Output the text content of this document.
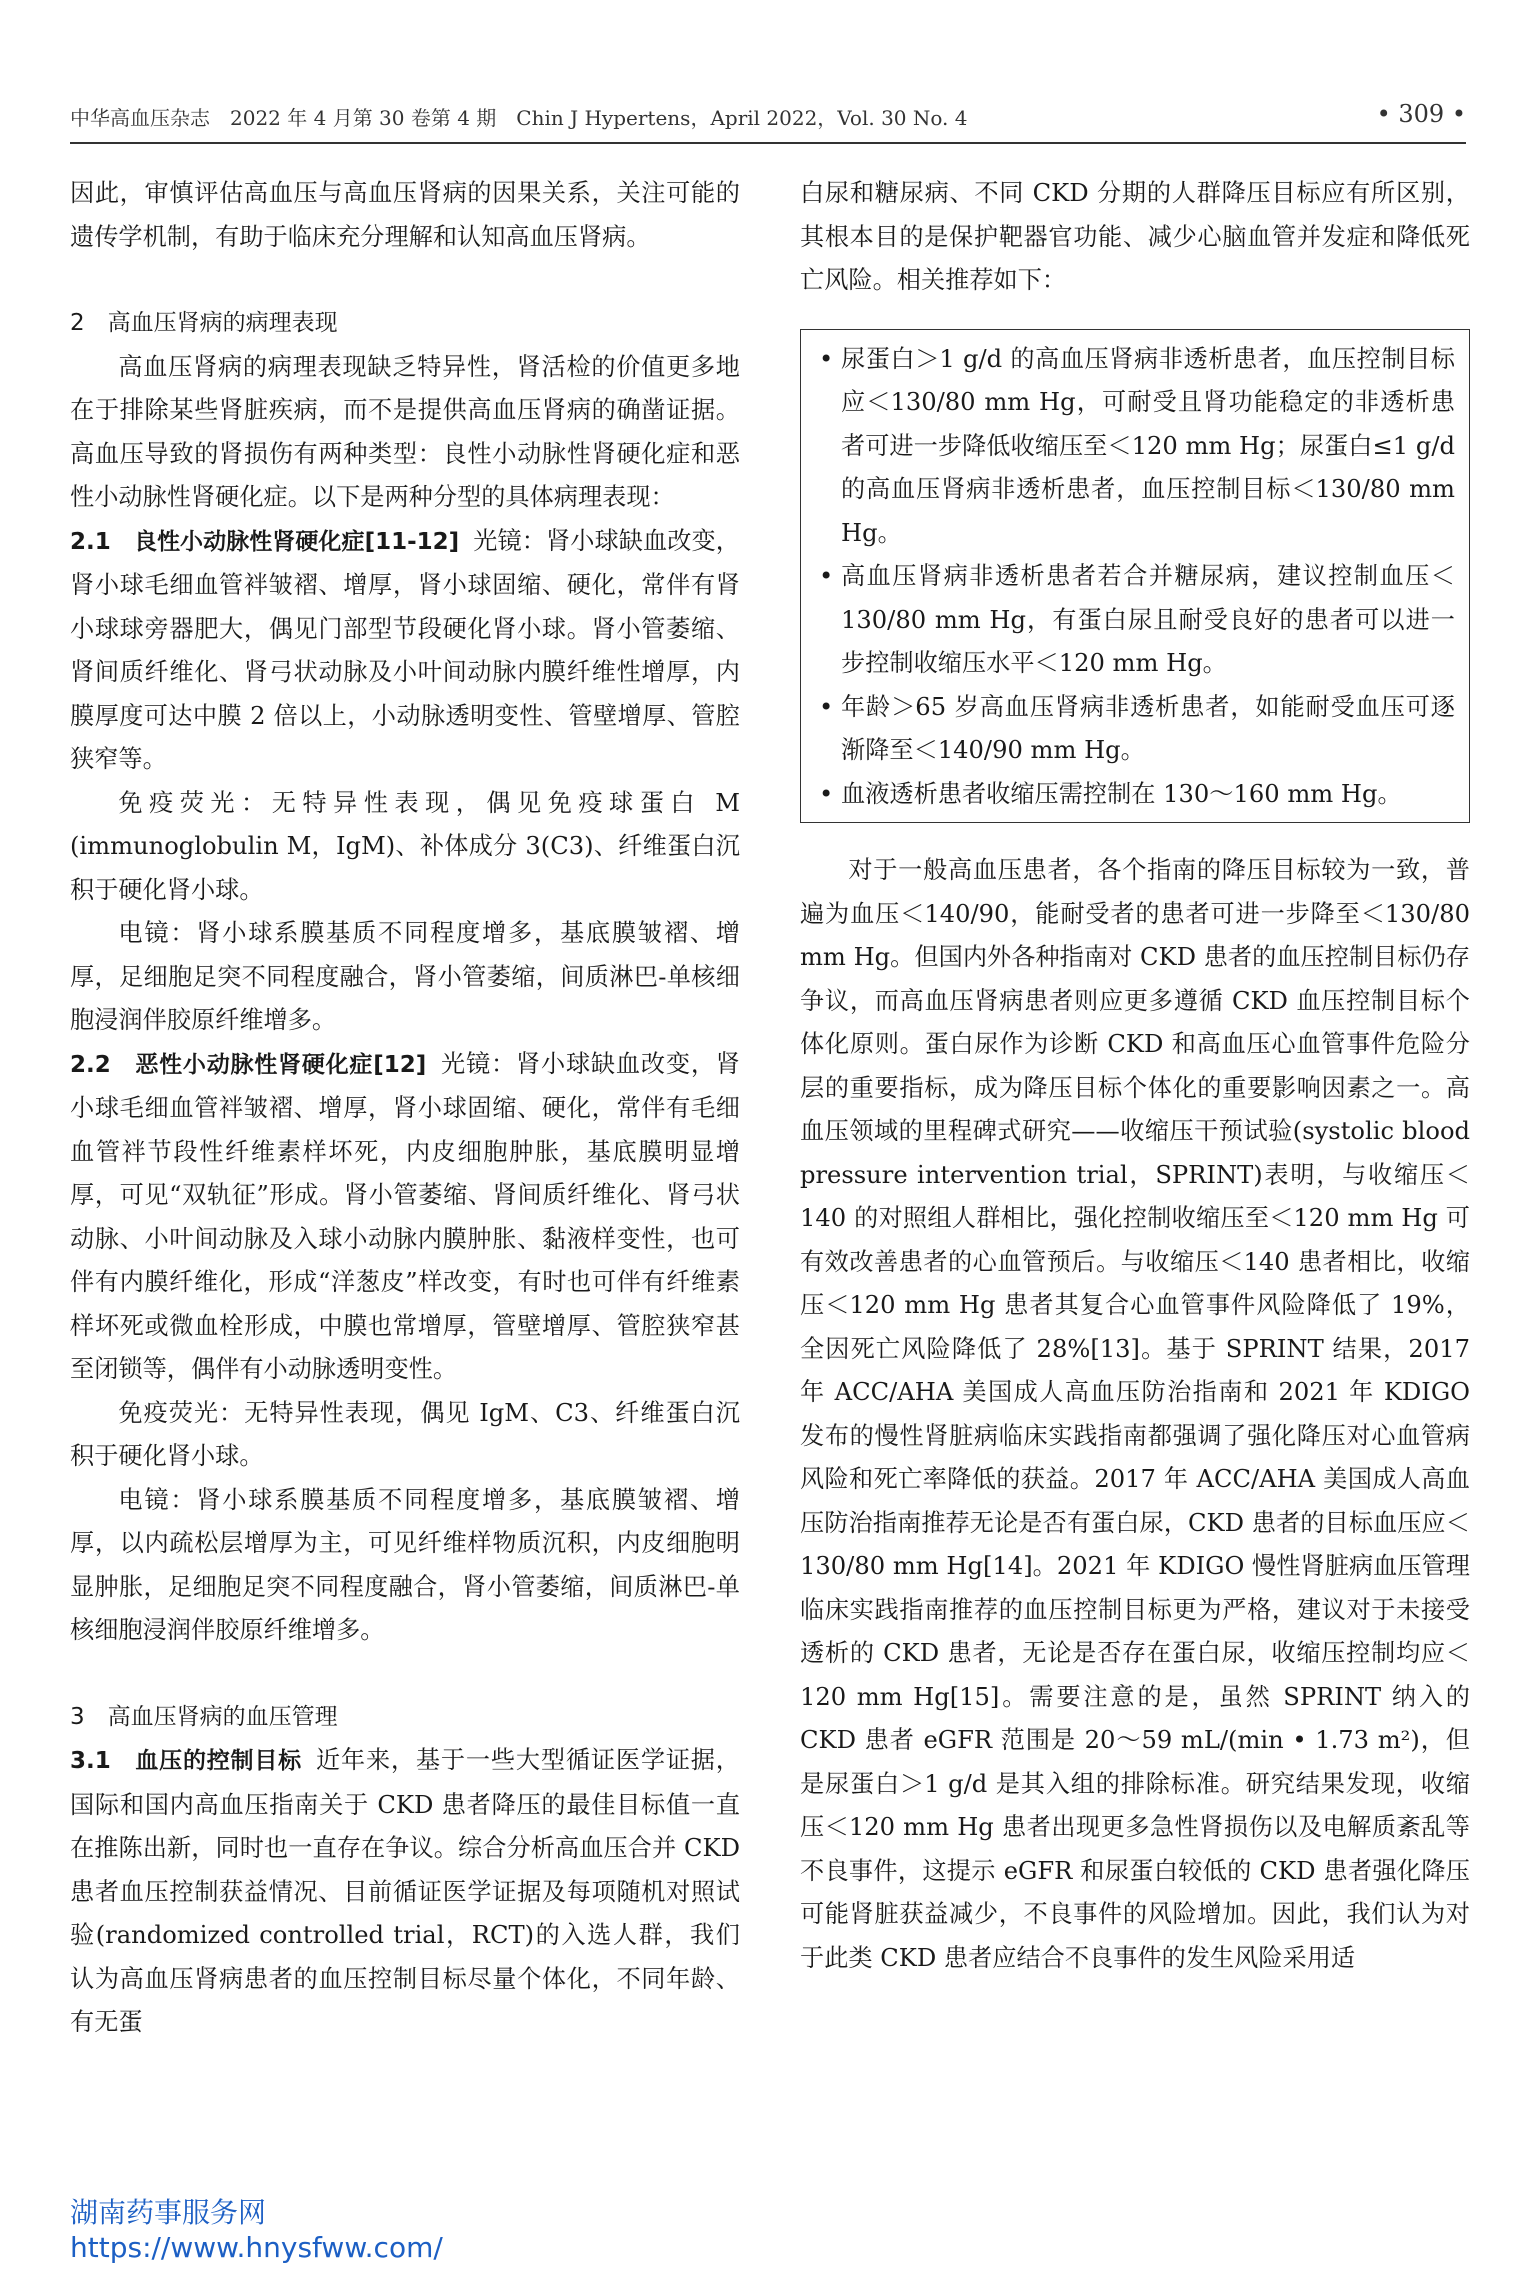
中华高血压杂志　2022 年 4 月第 30 卷第 4 期　Chin J Hypertens，April 2022，Vol. 30 No. 4	• 309 •

因此，审慎评估高血压与高血压肾病的因果关系，关注可能的遗传学机制，有助于临床充分理解和认知高血压肾病。

2　高血压肾病的病理表现

高血压肾病的病理表现缺乏特异性，肾活检的价值更多地在于排除某些肾脏疾病，而不是提供高血压肾病的确凿证据。高血压导致的肾损伤有两种类型：良性小动脉性肾硬化症和恶性小动脉性肾硬化症。以下是两种分型的具体病理表现：

2.1　良性小动脉性肾硬化症[11-12] 光镜：肾小球缺血改变，肾小球毛细血管袢皱褶、增厚，肾小球固缩、硬化，常伴有肾小球球旁器肥大，偶见门部型节段硬化肾小球。肾小管萎缩、肾间质纤维化、肾弓状动脉及小叶间动脉内膜纤维性增厚，内膜厚度可达中膜 2 倍以上，小动脉透明变性、管壁增厚、管腔狭窄等。

免疫荧光：无特异性表现，偶见免疫球蛋白 M (immunoglobulin M，IgM)、补体成分 3(C3)、纤维蛋白沉积于硬化肾小球。

电镜：肾小球系膜基质不同程度增多，基底膜皱褶、增厚，足细胞足突不同程度融合，肾小管萎缩，间质淋巴-单核细胞浸润伴胶原纤维增多。

2.2　恶性小动脉性肾硬化症[12] 光镜：肾小球缺血改变，肾小球毛细血管袢皱褶、增厚，肾小球固缩、硬化，常伴有毛细血管袢节段性纤维素样坏死，内皮细胞肿胀，基底膜明显增厚，可见“双轨征”形成。肾小管萎缩、肾间质纤维化、肾弓状动脉、小叶间动脉及入球小动脉内膜肿胀、黏液样变性，也可伴有内膜纤维化，形成“洋葱皮”样改变，有时也可伴有纤维素样坏死或微血栓形成，中膜也常增厚，管壁增厚、管腔狭窄甚至闭锁等，偶伴有小动脉透明变性。

免疫荧光：无特异性表现，偶见 IgM、C3、纤维蛋白沉积于硬化肾小球。

电镜：肾小球系膜基质不同程度增多，基底膜皱褶、增厚，以内疏松层增厚为主，可见纤维样物质沉积，内皮细胞明显肿胀，足细胞足突不同程度融合，肾小管萎缩，间质淋巴-单核细胞浸润伴胶原纤维增多。

3　高血压肾病的血压管理

3.1　血压的控制目标 近年来，基于一些大型循证医学证据，国际和国内高血压指南关于 CKD 患者降压的最佳目标值一直在推陈出新，同时也一直存在争议。综合分析高血压合并 CKD 患者血压控制获益情况、目前循证医学证据及每项随机对照试验(randomized controlled trial，RCT)的入选人群，我们认为高血压肾病患者的血压控制目标尽量个体化，不同年龄、有无蛋

白尿和糖尿病、不同 CKD 分期的人群降压目标应有所区别，其根本目的是保护靶器官功能、减少心脑血管并发症和降低死亡风险。相关推荐如下：

• 尿蛋白＞1 g/d 的高血压肾病非透析患者，血压控制目标应＜130/80 mm Hg，可耐受且肾功能稳定的非透析患者可进一步降低收缩压至＜120 mm Hg；尿蛋白≤1 g/d 的高血压肾病非透析患者，血压控制目标＜130/80 mm Hg。

• 高血压肾病非透析患者若合并糖尿病，建议控制血压＜130/80 mm Hg，有蛋白尿且耐受良好的患者可以进一步控制收缩压水平＜120 mm Hg。

• 年龄＞65 岁高血压肾病非透析患者，如能耐受血压可逐渐降至＜140/90 mm Hg。

• 血液透析患者收缩压需控制在 130～160 mm Hg。

对于一般高血压患者，各个指南的降压目标较为一致，普遍为血压＜140/90，能耐受者的患者可进一步降至＜130/80 mm Hg。但国内外各种指南对 CKD 患者的血压控制目标仍存争议，而高血压肾病患者则应更多遵循 CKD 血压控制目标个体化原则。蛋白尿作为诊断 CKD 和高血压心血管事件危险分层的重要指标，成为降压目标个体化的重要影响因素之一。高血压领域的里程碑式研究——收缩压干预试验(systolic blood pressure intervention trial，SPRINT)表明，与收缩压＜140 的对照组人群相比，强化控制收缩压至＜120 mm Hg 可有效改善患者的心血管预后。与收缩压＜140 患者相比，收缩压＜120 mm Hg 患者其复合心血管事件风险降低了 19%，全因死亡风险降低了 28%[13]。基于 SPRINT 结果，2017 年 ACC/AHA 美国成人高血压防治指南和 2021 年 KDIGO 发布的慢性肾脏病临床实践指南都强调了强化降压对心血管病风险和死亡率降低的获益。2017 年 ACC/AHA 美国成人高血压防治指南推荐无论是否有蛋白尿，CKD 患者的目标血压应＜130/80 mm Hg[14]。2021 年 KDIGO 慢性肾脏病血压管理临床实践指南推荐的血压控制目标更为严格，建议对于未接受透析的 CKD 患者，无论是否存在蛋白尿，收缩压控制均应＜120 mm Hg[15]。需要注意的是，虽然 SPRINT 纳入的 CKD 患者 eGFR 范围是 20～59 mL/(min • 1.73 m²)，但是尿蛋白＞1 g/d 是其入组的排除标准。研究结果发现，收缩压＜120 mm Hg 患者出现更多急性肾损伤以及电解质紊乱等不良事件，这提示 eGFR 和尿蛋白较低的 CKD 患者强化降压可能肾脏获益减少，不良事件的风险增加。因此，我们认为对于此类 CKD 患者应结合不良事件的发生风险采用适

湖南药事服务网
https://www.hnysfww.com/
